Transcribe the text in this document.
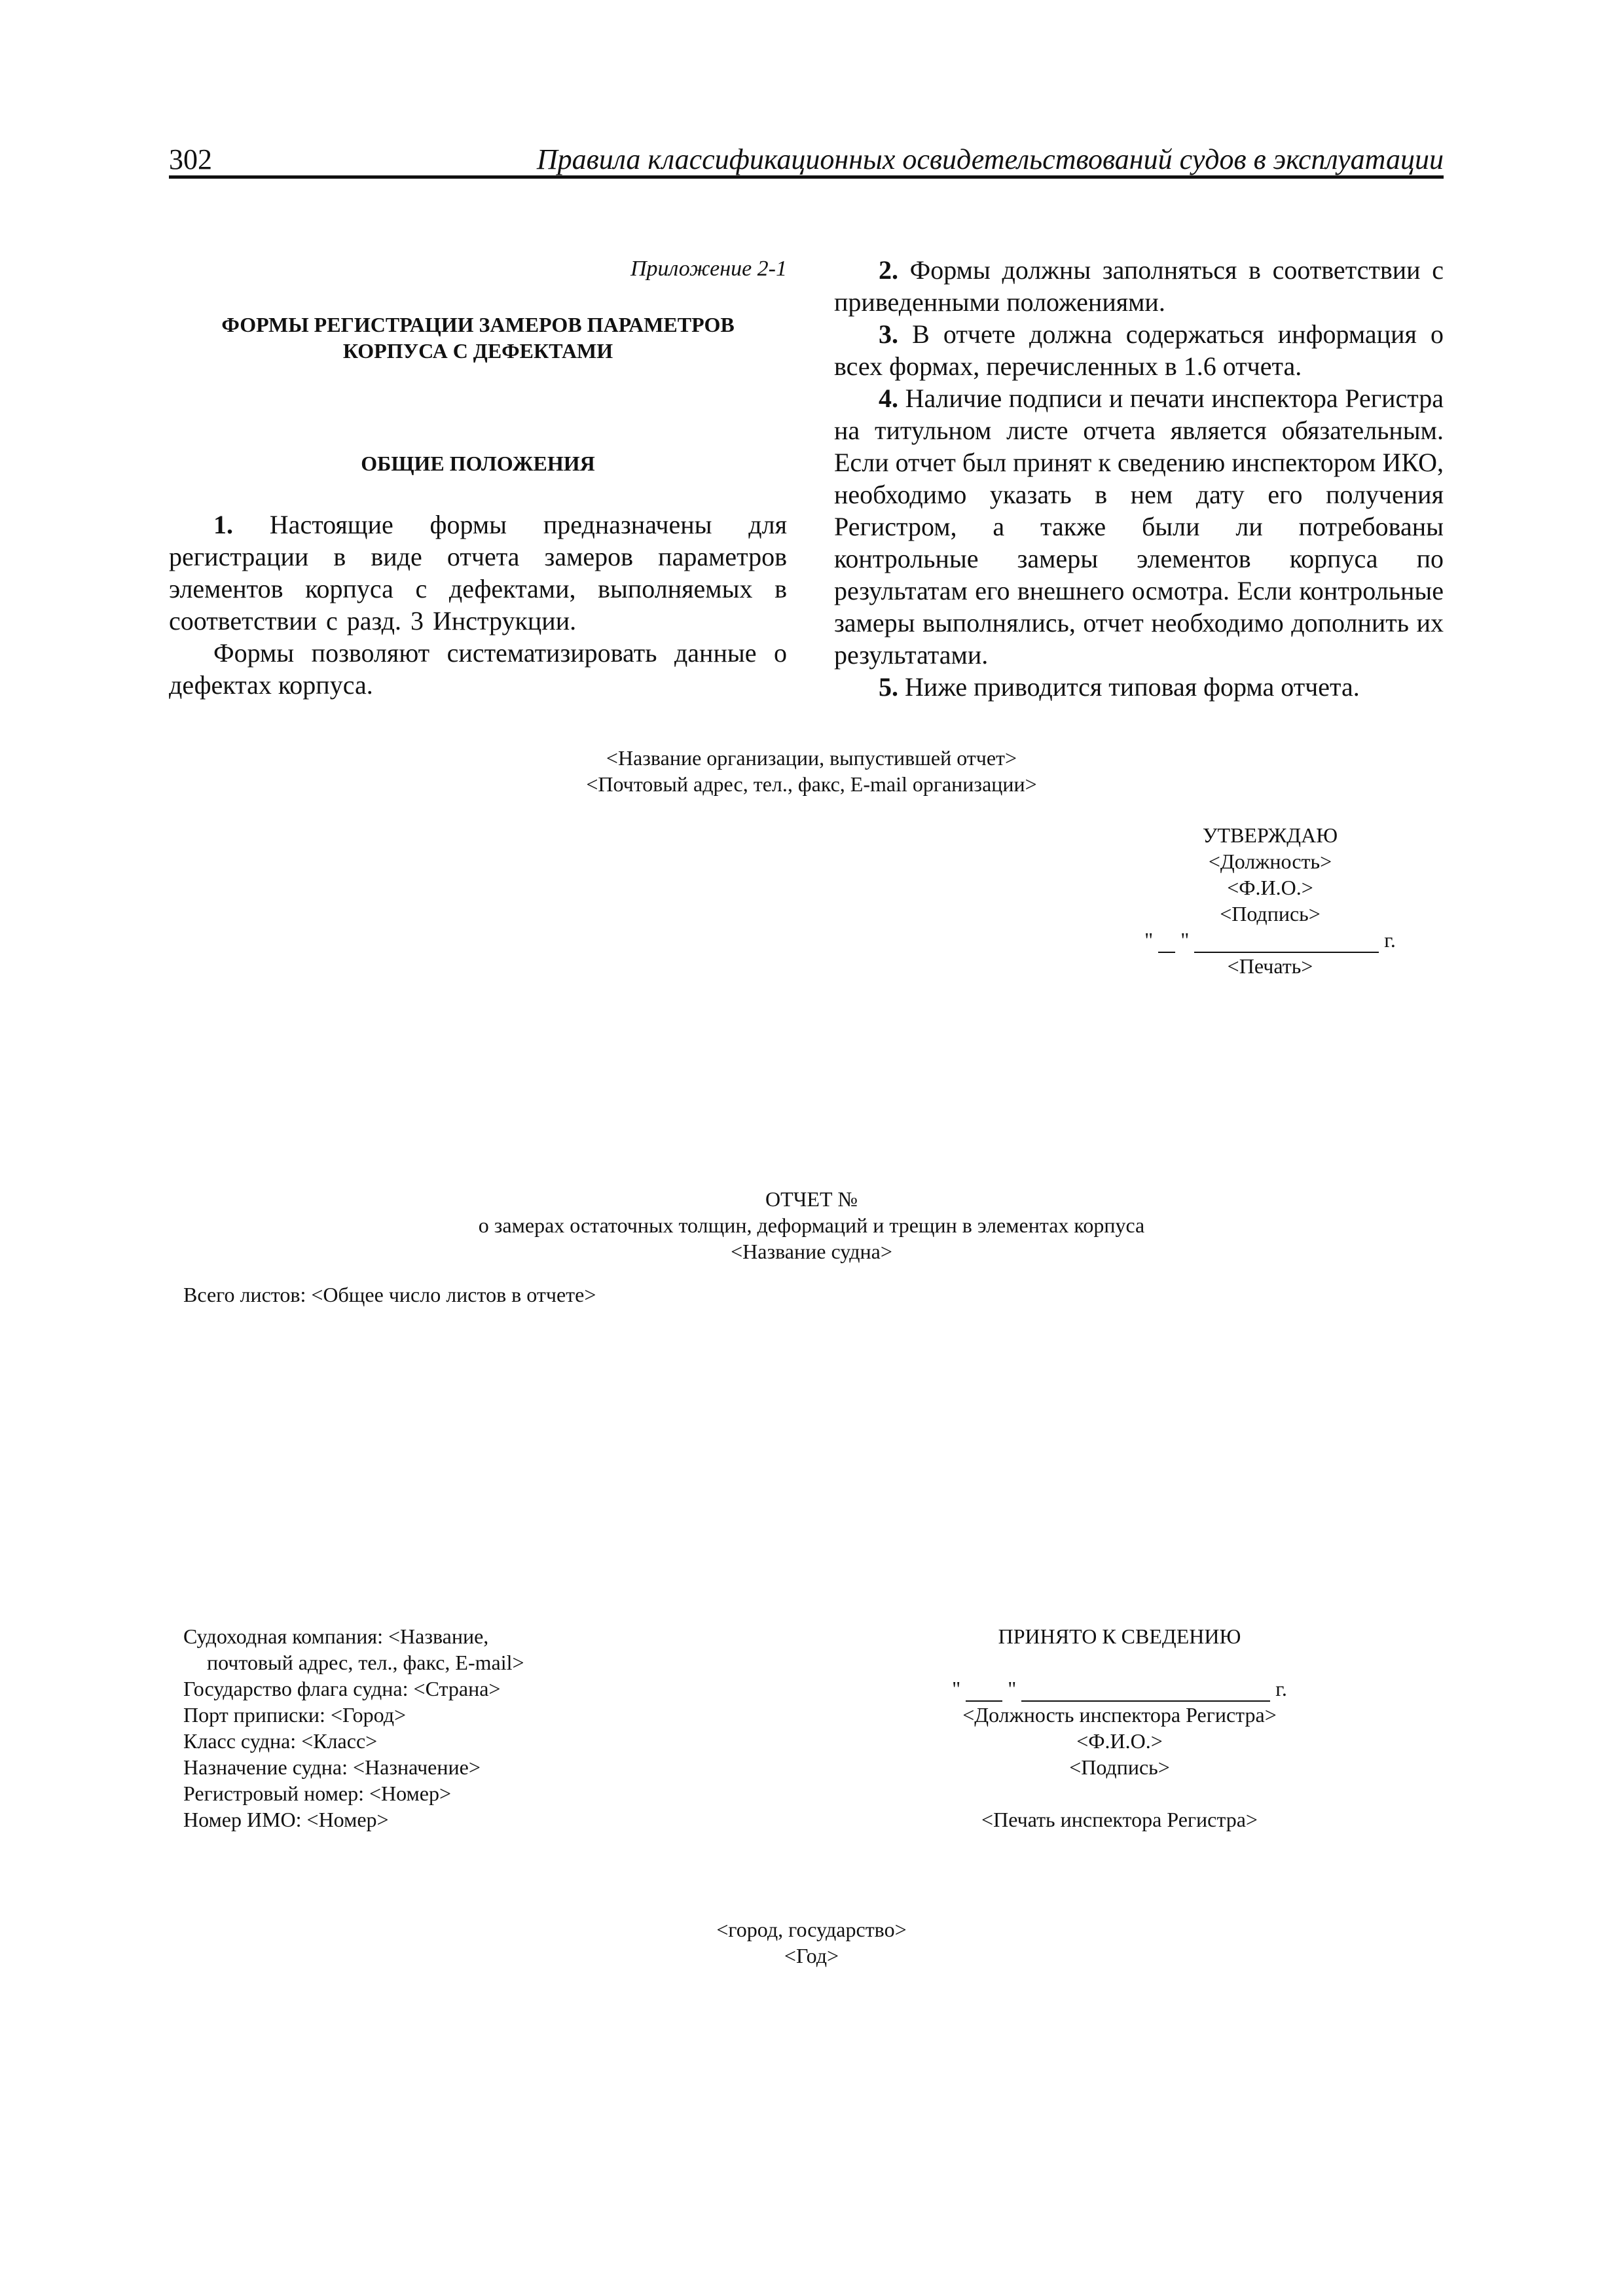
302	Правила классификационных освидетельствований судов в эксплуатации

Приложение 2-1

ФОРМЫ РЕГИСТРАЦИИ ЗАМЕРОВ ПАРАМЕТРОВ

КОРПУСА С ДЕФЕКТАМИ

ОБЩИЕ ПОЛОЖЕНИЯ

1. Настоящие формы предназначены для регистрации в виде отчета замеров параметров элементов корпуса с дефектами, выполняемых в соответствии с разд. 3 Инструкции.

Формы позволяют систематизировать данные о дефектах корпуса.

2. Формы должны заполняться в соответствии с приведенными положениями.

3. В отчете должна содержаться информация о всех формах, перечисленных в 1.6 отчета.

4. Наличие подписи и печати инспектора Регистра на титульном листе отчета является обязательным. Если отчет был принят к сведению инспектором ИКО, необходимо указать в нем дату его получения Регистром, а также были ли потребованы контрольные замеры элементов корпуса по результатам его внешнего осмотра. Если контрольные замеры выполнялись, отчет необходимо дополнить их результатами.

5. Ниже приводится типовая форма отчета.

<Название организации, выпустившей отчет>
<Почтовый адрес, тел., факс, E-mail организации>
УТВЕРЖДАЮ
<Должность>
<Ф.И.О.>
<Подпись>
" "	г.
<Печать>
ОТЧЕТ №
о замерах остаточных толщин, деформаций и трещин в элементах корпуса
<Название судна>
Всего листов: <Общее число листов в отчете>
Судоходная компания: <Название,
почтовый адрес, тел., факс, E-mail>
Государство флага судна: <Страна>
Порт приписки: <Город>
Класс судна: <Класс>
Назначение судна: <Назначение>
Регистровый номер: <Номер>
Номер ИМО: <Номер>
ПРИНЯТО К СВЕДЕНИЮ
" "	г.
<Должность инспектора Регистра>
<Ф.И.О.>
<Подпись>
<Печать инспектора Регистра>
<город, государство>
<Год>
